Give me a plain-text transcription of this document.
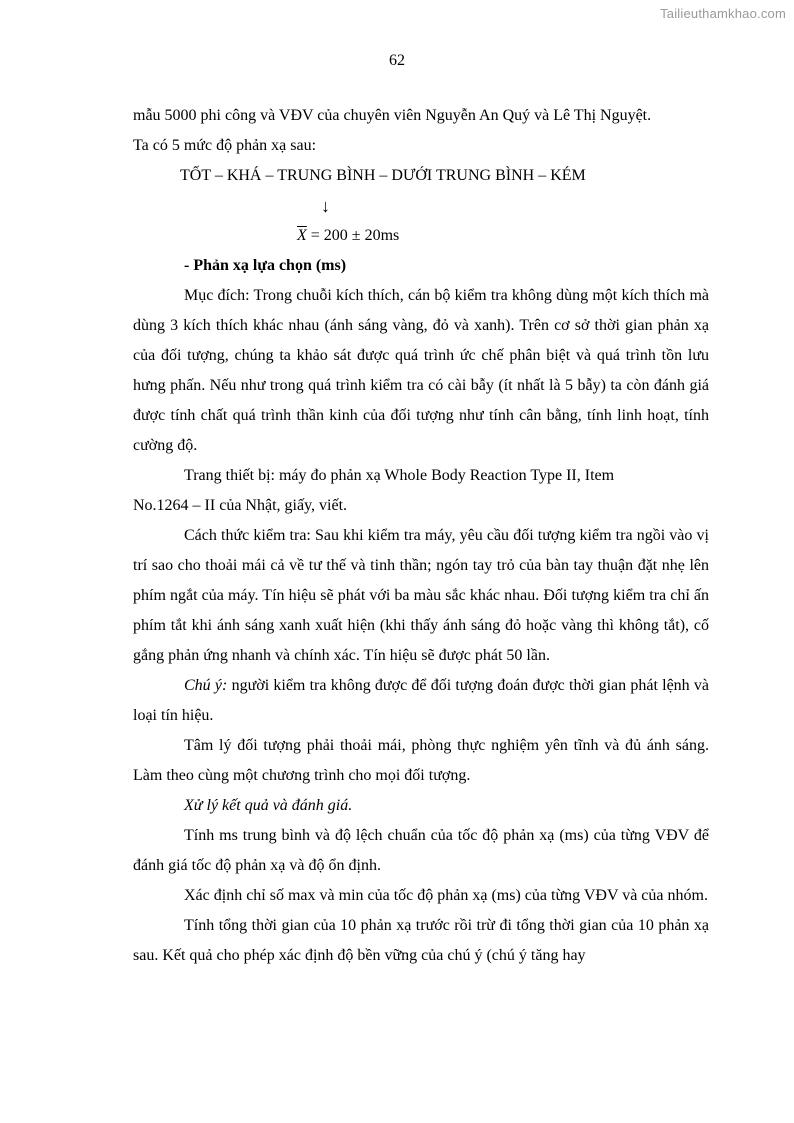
Tailieuthamkhao.com
62

mẫu 5000 phi công và VĐV của chuyên viên Nguyễn An Quý và Lê Thị Nguyệt.

Ta có 5 mức độ phản xạ sau:

TỐT – KHÁ – TRUNG BÌNH – DƯỚI TRUNG BÌNH – KÉM

↓

$\overline{X} = 200 \pm 20ms$

- Phản xạ lựa chọn (ms)

Mục đích: Trong chuỗi kích thích, cán bộ kiểm tra không dùng một kích thích mà dùng 3 kích thích khác nhau (ánh sáng vàng, đỏ và xanh). Trên cơ sở thời gian phản xạ của đối tượng, chúng ta khảo sát được quá trình ức chế phân biệt và quá trình tồn lưu hưng phấn. Nếu như trong quá trình kiểm tra có cài bẫy (ít nhất là 5 bẫy) ta còn đánh giá được tính chất quá trình thần kinh của đối tượng như tính cân bằng, tính linh hoạt, tính cường độ.

Trang thiết bị: máy đo phản xạ Whole Body Reaction Type II, Item

No.1264 – II của Nhật, giấy, viết.

Cách thức kiểm tra: Sau khi kiểm tra máy, yêu cầu đối tượng kiểm tra ngồi vào vị trí sao cho thoải mái cả về tư thế và tinh thần; ngón tay trỏ của bàn tay thuận đặt nhẹ lên phím ngắt của máy. Tín hiệu sẽ phát với ba màu sắc khác nhau. Đối tượng kiểm tra chỉ ấn phím tắt khi ánh sáng xanh xuất hiện (khi thấy ánh sáng đỏ hoặc vàng thì không tắt), cố gắng phản ứng nhanh và chính xác. Tín hiệu sẽ được phát 50 lần.

Chú ý: người kiểm tra không được để đối tượng đoán được thời gian phát lệnh và loại tín hiệu.

Tâm lý đối tượng phải thoải mái, phòng thực nghiệm yên tĩnh và đủ ánh sáng. Làm theo cùng một chương trình cho mọi đối tượng.

Xử lý kết quả và đánh giá.

Tính ms trung bình và độ lệch chuẩn của tốc độ phản xạ (ms) của từng VĐV để đánh giá tốc độ phản xạ và độ ổn định.

Xác định chỉ số max và min của tốc độ phản xạ (ms) của từng VĐV và của nhóm.

Tính tổng thời gian của 10 phản xạ trước rồi trừ đi tổng thời gian của 10 phản xạ sau. Kết quả cho phép xác định độ bền vững của chú ý (chú ý tăng hay
